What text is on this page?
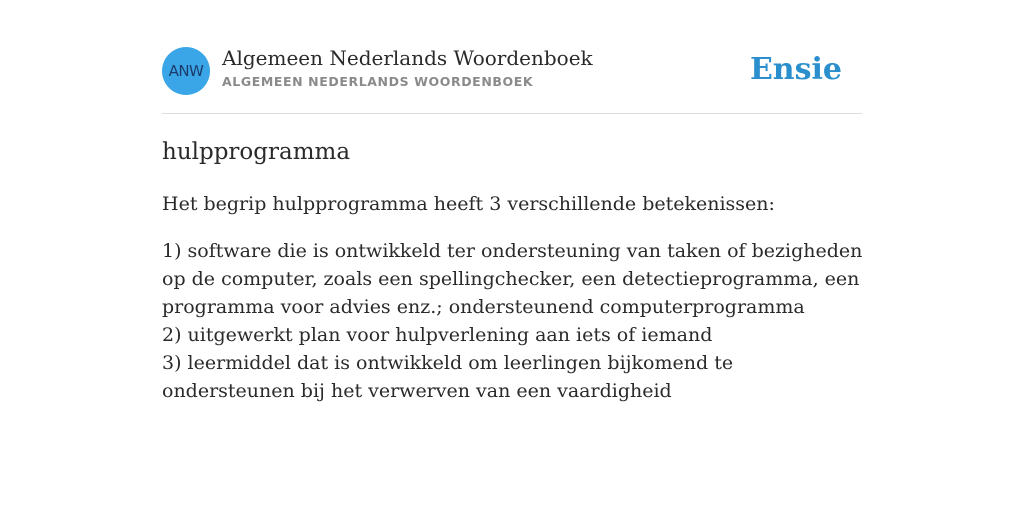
ANW
Algemeen Nederlands Woordenboek
ALGEMEEN NEDERLANDS WOORDENBOEK	Ensie
hulpprogramma

Het begrip hulpprogramma heeft 3 verschillende betekenissen:

1) software die is ontwikkeld ter ondersteuning van taken of bezigheden op de computer, zoals een spellingchecker, een detectieprogramma, een programma voor advies enz.; ondersteunend computerprogramma
2) uitgewerkt plan voor hulpverlening aan iets of iemand
3) leermiddel dat is ontwikkeld om leerlingen bijkomend te ondersteunen bij het verwerven van een vaardigheid
